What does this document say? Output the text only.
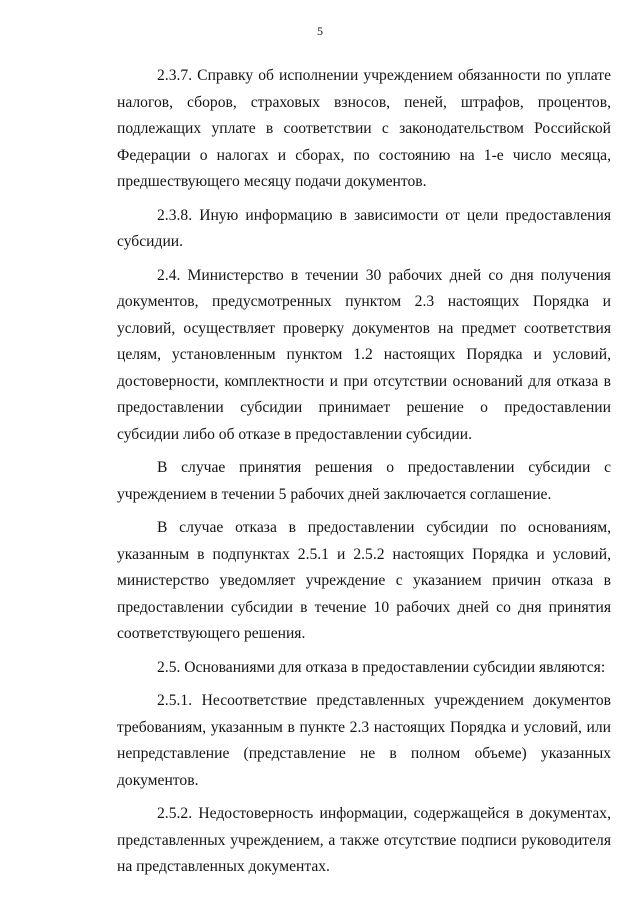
5

2.3.7. Справку об исполнении учреждением обязанности по уплате налогов, сборов, страховых взносов, пеней, штрафов, процентов, подлежащих уплате в соответствии с законодательством Российской Федерации о налогах и сборах, по состоянию на 1-е число месяца, предшествующего месяцу подачи документов.

2.3.8. Иную информацию в зависимости от цели предоставления субсидии.

2.4. Министерство в течении 30 рабочих дней со дня получения документов, предусмотренных пунктом 2.3 настоящих Порядка и условий, осуществляет проверку документов на предмет соответствия целям, установленным пунктом 1.2 настоящих Порядка и условий, достоверности, комплектности и при отсутствии оснований для отказа в предоставлении субсидии принимает решение о предоставлении субсидии либо об отказе в предоставлении субсидии.

В случае принятия решения о предоставлении субсидии с учреждением в течении 5 рабочих дней заключается соглашение.

В случае отказа в предоставлении субсидии по основаниям, указанным в подпунктах 2.5.1 и 2.5.2 настоящих Порядка и условий, министерство уведомляет учреждение с указанием причин отказа в предоставлении субсидии в течение 10 рабочих дней со дня принятия соответствующего решения.

2.5. Основаниями для отказа в предоставлении субсидии являются:

2.5.1. Несоответствие представленных учреждением документов требованиям, указанным в пункте 2.3 настоящих Порядка и условий, или непредставление (представление не в полном объеме) указанных документов.

2.5.2. Недостоверность информации, содержащейся в документах, представленных учреждением, а также отсутствие подписи руководителя на представленных документах.
